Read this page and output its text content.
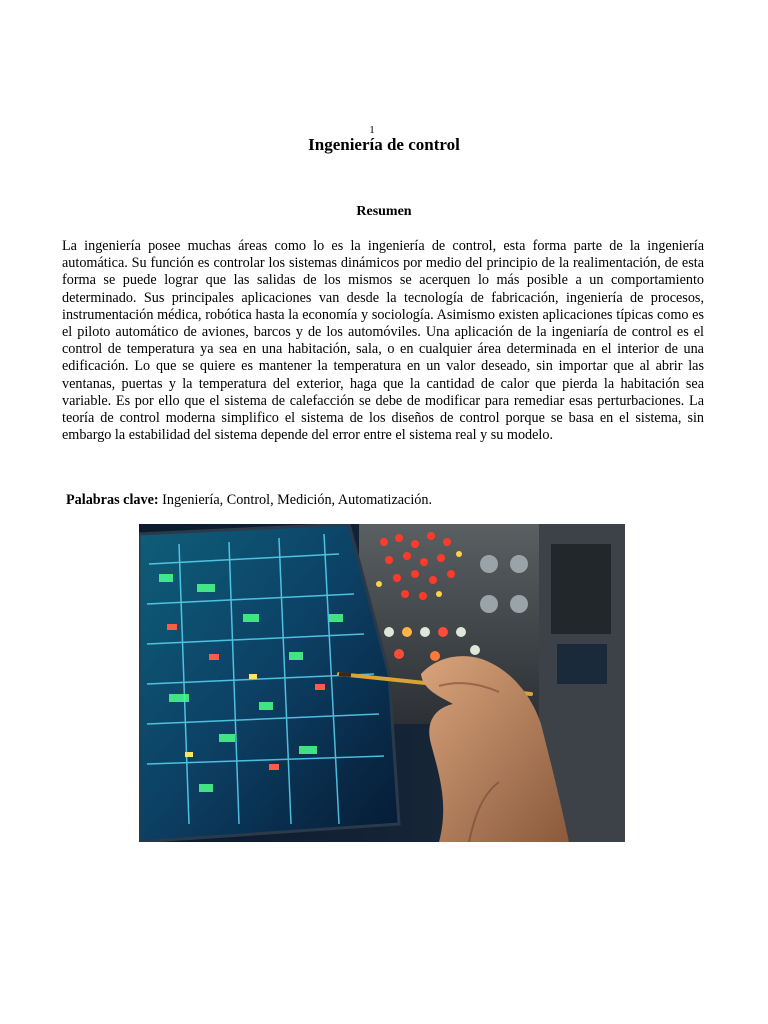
1
Ingeniería de control
Resumen

La ingeniería posee muchas áreas como lo es la ingeniería de control, esta forma parte de la ingeniería automática. Su función es controlar los sistemas dinámicos por medio del principio de la realimentación, de esta forma se puede lograr que las salidas de los mismos se acerquen lo más posible a un comportamiento determinado. Sus principales aplicaciones van desde la tecnología de fabricación, ingeniería de procesos, instrumentación médica, robótica hasta la economía y sociología. Asimismo existen aplicaciones típicas como es el piloto automático de aviones, barcos y de los automóviles. Una aplicación de la ingeniaría de control es el control de temperatura ya sea en una habitación, sala, o en cualquier área determinada en el interior de una edificación. Lo que se quiere es mantener la temperatura en un valor deseado, sin importar que al abrir las ventanas, puertas y la temperatura del exterior, haga que la cantidad de calor que pierda la habitación sea variable. Es por ello que el sistema de calefacción se debe de modificar para remediar esas perturbaciones. La teoría de control moderna simplifico el sistema de los diseños de control porque se basa en el sistema, sin embargo la estabilidad del sistema depende del error entre el sistema real y su modelo.

Palabras clave: Ingeniería, Control, Medición, Automatización.
